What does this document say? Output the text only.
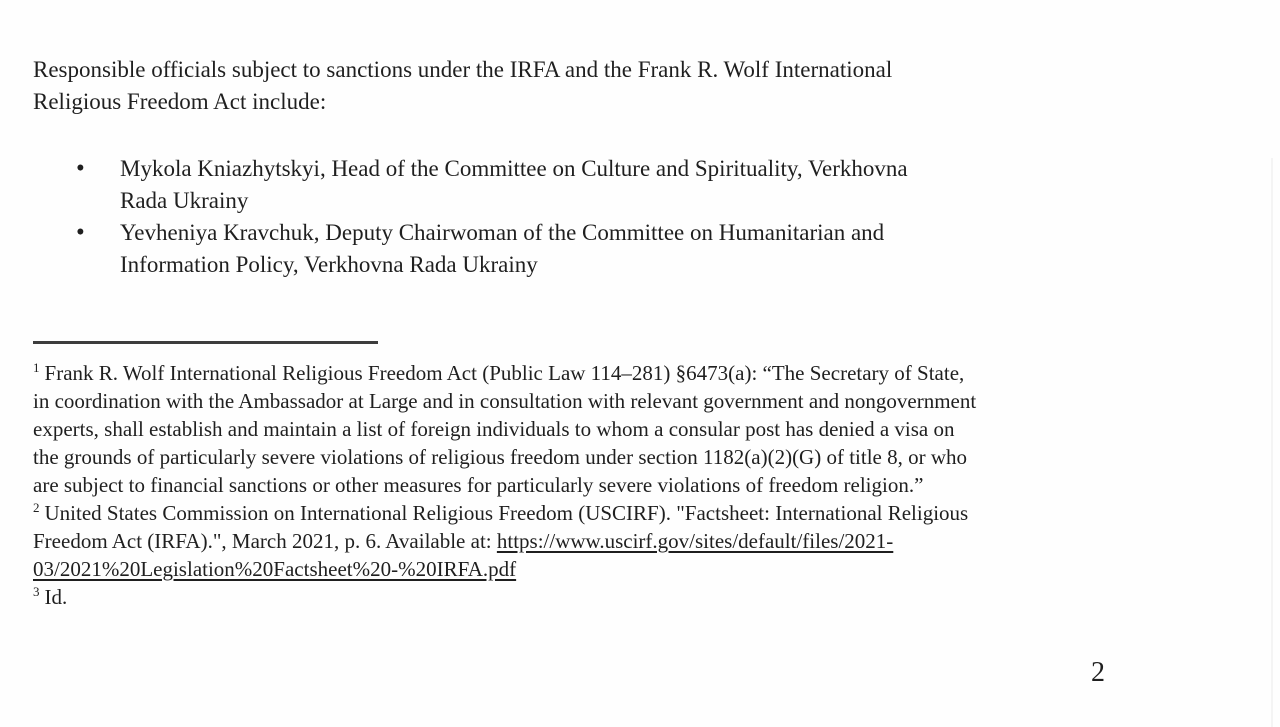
Responsible officials subject to sanctions under the IRFA and the Frank R. Wolf International
Religious Freedom Act include:
• Mykola Kniazhytskyi, Head of the Committee on Culture and Spirituality, Verkhovna
Rada Ukrainy
• Yevheniya Kravchuk, Deputy Chairwoman of the Committee on Humanitarian and
Information Policy, Verkhovna Rada Ukrainy
$^1$ Frank R. Wolf International Religious Freedom Act (Public Law 114–281) §6473(a): “The Secretary of State,
in coordination with the Ambassador at Large and in consultation with relevant government and nongovernment
experts, shall establish and maintain a list of foreign individuals to whom a consular post has denied a visa on
the grounds of particularly severe violations of religious freedom under section 1182(a)(2)(G) of title 8, or who
are subject to financial sanctions or other measures for particularly severe violations of freedom religion.”
$^2$ United States Commission on International Religious Freedom (USCIRF). "Factsheet: International Religious
Freedom Act (IRFA).", March 2021, p. 6. Available at: https://www.uscirf.gov/sites/default/files/2021-
03/2021%20Legislation%20Factsheet%20-%20IRFA.pdf
$^3$ Id.
2
